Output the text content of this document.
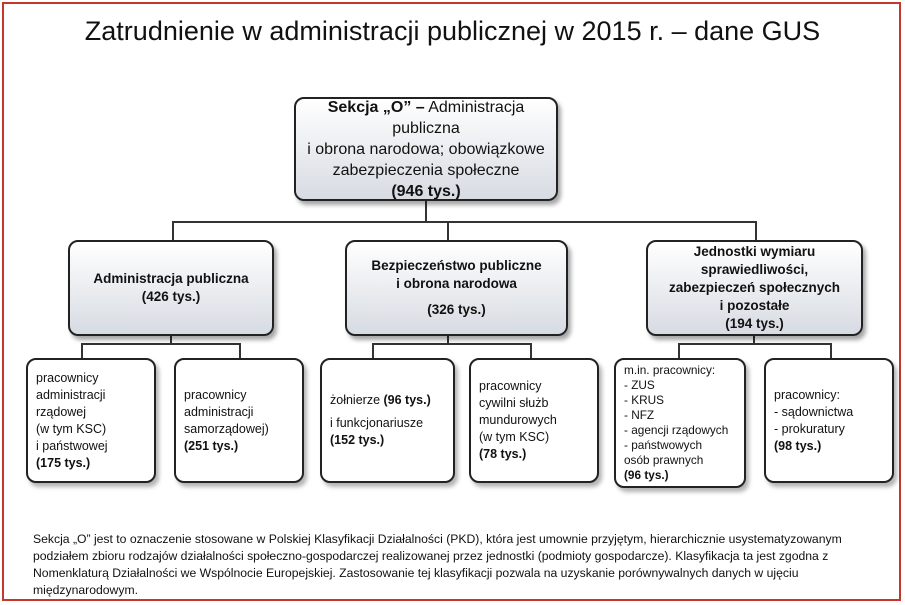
Zatrudnienie w administracji publicznej w 2015 r. – dane GUS
Sekcja „O” – Administracja publiczna
i obrona narodowa; obowiązkowe
zabezpieczenia społeczne
(946 tys.)
Administracja publiczna
(426 tys.)
Bezpieczeństwo publiczne
i obrona narodowa
(326 tys.)
Jednostki wymiaru
sprawiedliwości,
zabezpieczeń społecznych
i pozostałe
(194 tys.)
pracownicy
administracji
rządowej
(w tym KSC)
i państwowej
(175 tys.)
pracownicy
administracji
samorządowej)
(251 tys.)
żołnierze (96 tys.)
i funkcjonariusze
(152 tys.)
pracownicy
cywilni służb
mundurowych
(w tym KSC)
(78 tys.)
m.in. pracownicy:
- ZUS
- KRUS
- NFZ
- agencji rządowych
- państwowych
osób prawnych
(96 tys.)
pracownicy:
- sądownictwa
- prokuratury
(98 tys.)
Sekcja „O” jest to oznaczenie stosowane w Polskiej Klasyfikacji Działalności (PKD), która jest umownie przyjętym, hierarchicznie usystematyzowanym podziałem zbioru rodzajów działalności społeczno-gospodarczej realizowanej przez jednostki (podmioty gospodarcze). Klasyfikacja ta jest zgodna z Nomenklaturą Działalności we Wspólnocie Europejskiej. Zastosowanie tej klasyfikacji pozwala na uzyskanie porównywalnych danych w ujęciu międzynarodowym.
